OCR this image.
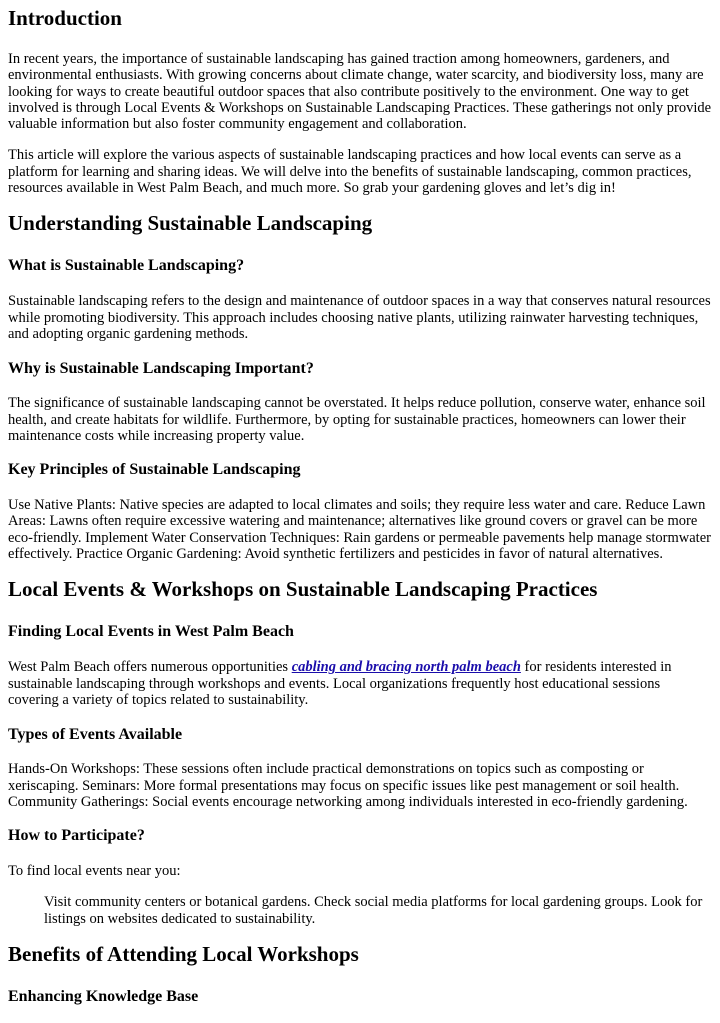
Introduction

In recent years, the importance of sustainable landscaping has gained traction among homeowners, gardeners, and environmental enthusiasts. With growing concerns about climate change, water scarcity, and biodiversity loss, many are looking for ways to create beautiful outdoor spaces that also contribute positively to the environment. One way to get involved is through Local Events & Workshops on Sustainable Landscaping Practices. These gatherings not only provide valuable information but also foster community engagement and collaboration.

This article will explore the various aspects of sustainable landscaping practices and how local events can serve as a platform for learning and sharing ideas. We will delve into the benefits of sustainable landscaping, common practices, resources available in West Palm Beach, and much more. So grab your gardening gloves and let’s dig in!

Understanding Sustainable Landscaping
What is Sustainable Landscaping?

Sustainable landscaping refers to the design and maintenance of outdoor spaces in a way that conserves natural resources while promoting biodiversity. This approach includes choosing native plants, utilizing rainwater harvesting techniques, and adopting organic gardening methods.

Why is Sustainable Landscaping Important?

The significance of sustainable landscaping cannot be overstated. It helps reduce pollution, conserve water, enhance soil health, and create habitats for wildlife. Furthermore, by opting for sustainable practices, homeowners can lower their maintenance costs while increasing property value.

Key Principles of Sustainable Landscaping

Use Native Plants: Native species are adapted to local climates and soils; they require less water and care. Reduce Lawn Areas: Lawns often require excessive watering and maintenance; alternatives like ground covers or gravel can be more eco-friendly. Implement Water Conservation Techniques: Rain gardens or permeable pavements help manage stormwater effectively. Practice Organic Gardening: Avoid synthetic fertilizers and pesticides in favor of natural alternatives.

Local Events & Workshops on Sustainable Landscaping Practices
Finding Local Events in West Palm Beach

West Palm Beach offers numerous opportunities cabling and bracing north palm beach for residents interested in sustainable landscaping through workshops and events. Local organizations frequently host educational sessions covering a variety of topics related to sustainability.

Types of Events Available

Hands-On Workshops: These sessions often include practical demonstrations on topics such as composting or xeriscaping. Seminars: More formal presentations may focus on specific issues like pest management or soil health. Community Gatherings: Social events encourage networking among individuals interested in eco-friendly gardening.

How to Participate?

To find local events near you:

Visit community centers or botanical gardens. Check social media platforms for local gardening groups. Look for listings on websites dedicated to sustainability.

Benefits of Attending Local Workshops
Enhancing Knowledge Base
